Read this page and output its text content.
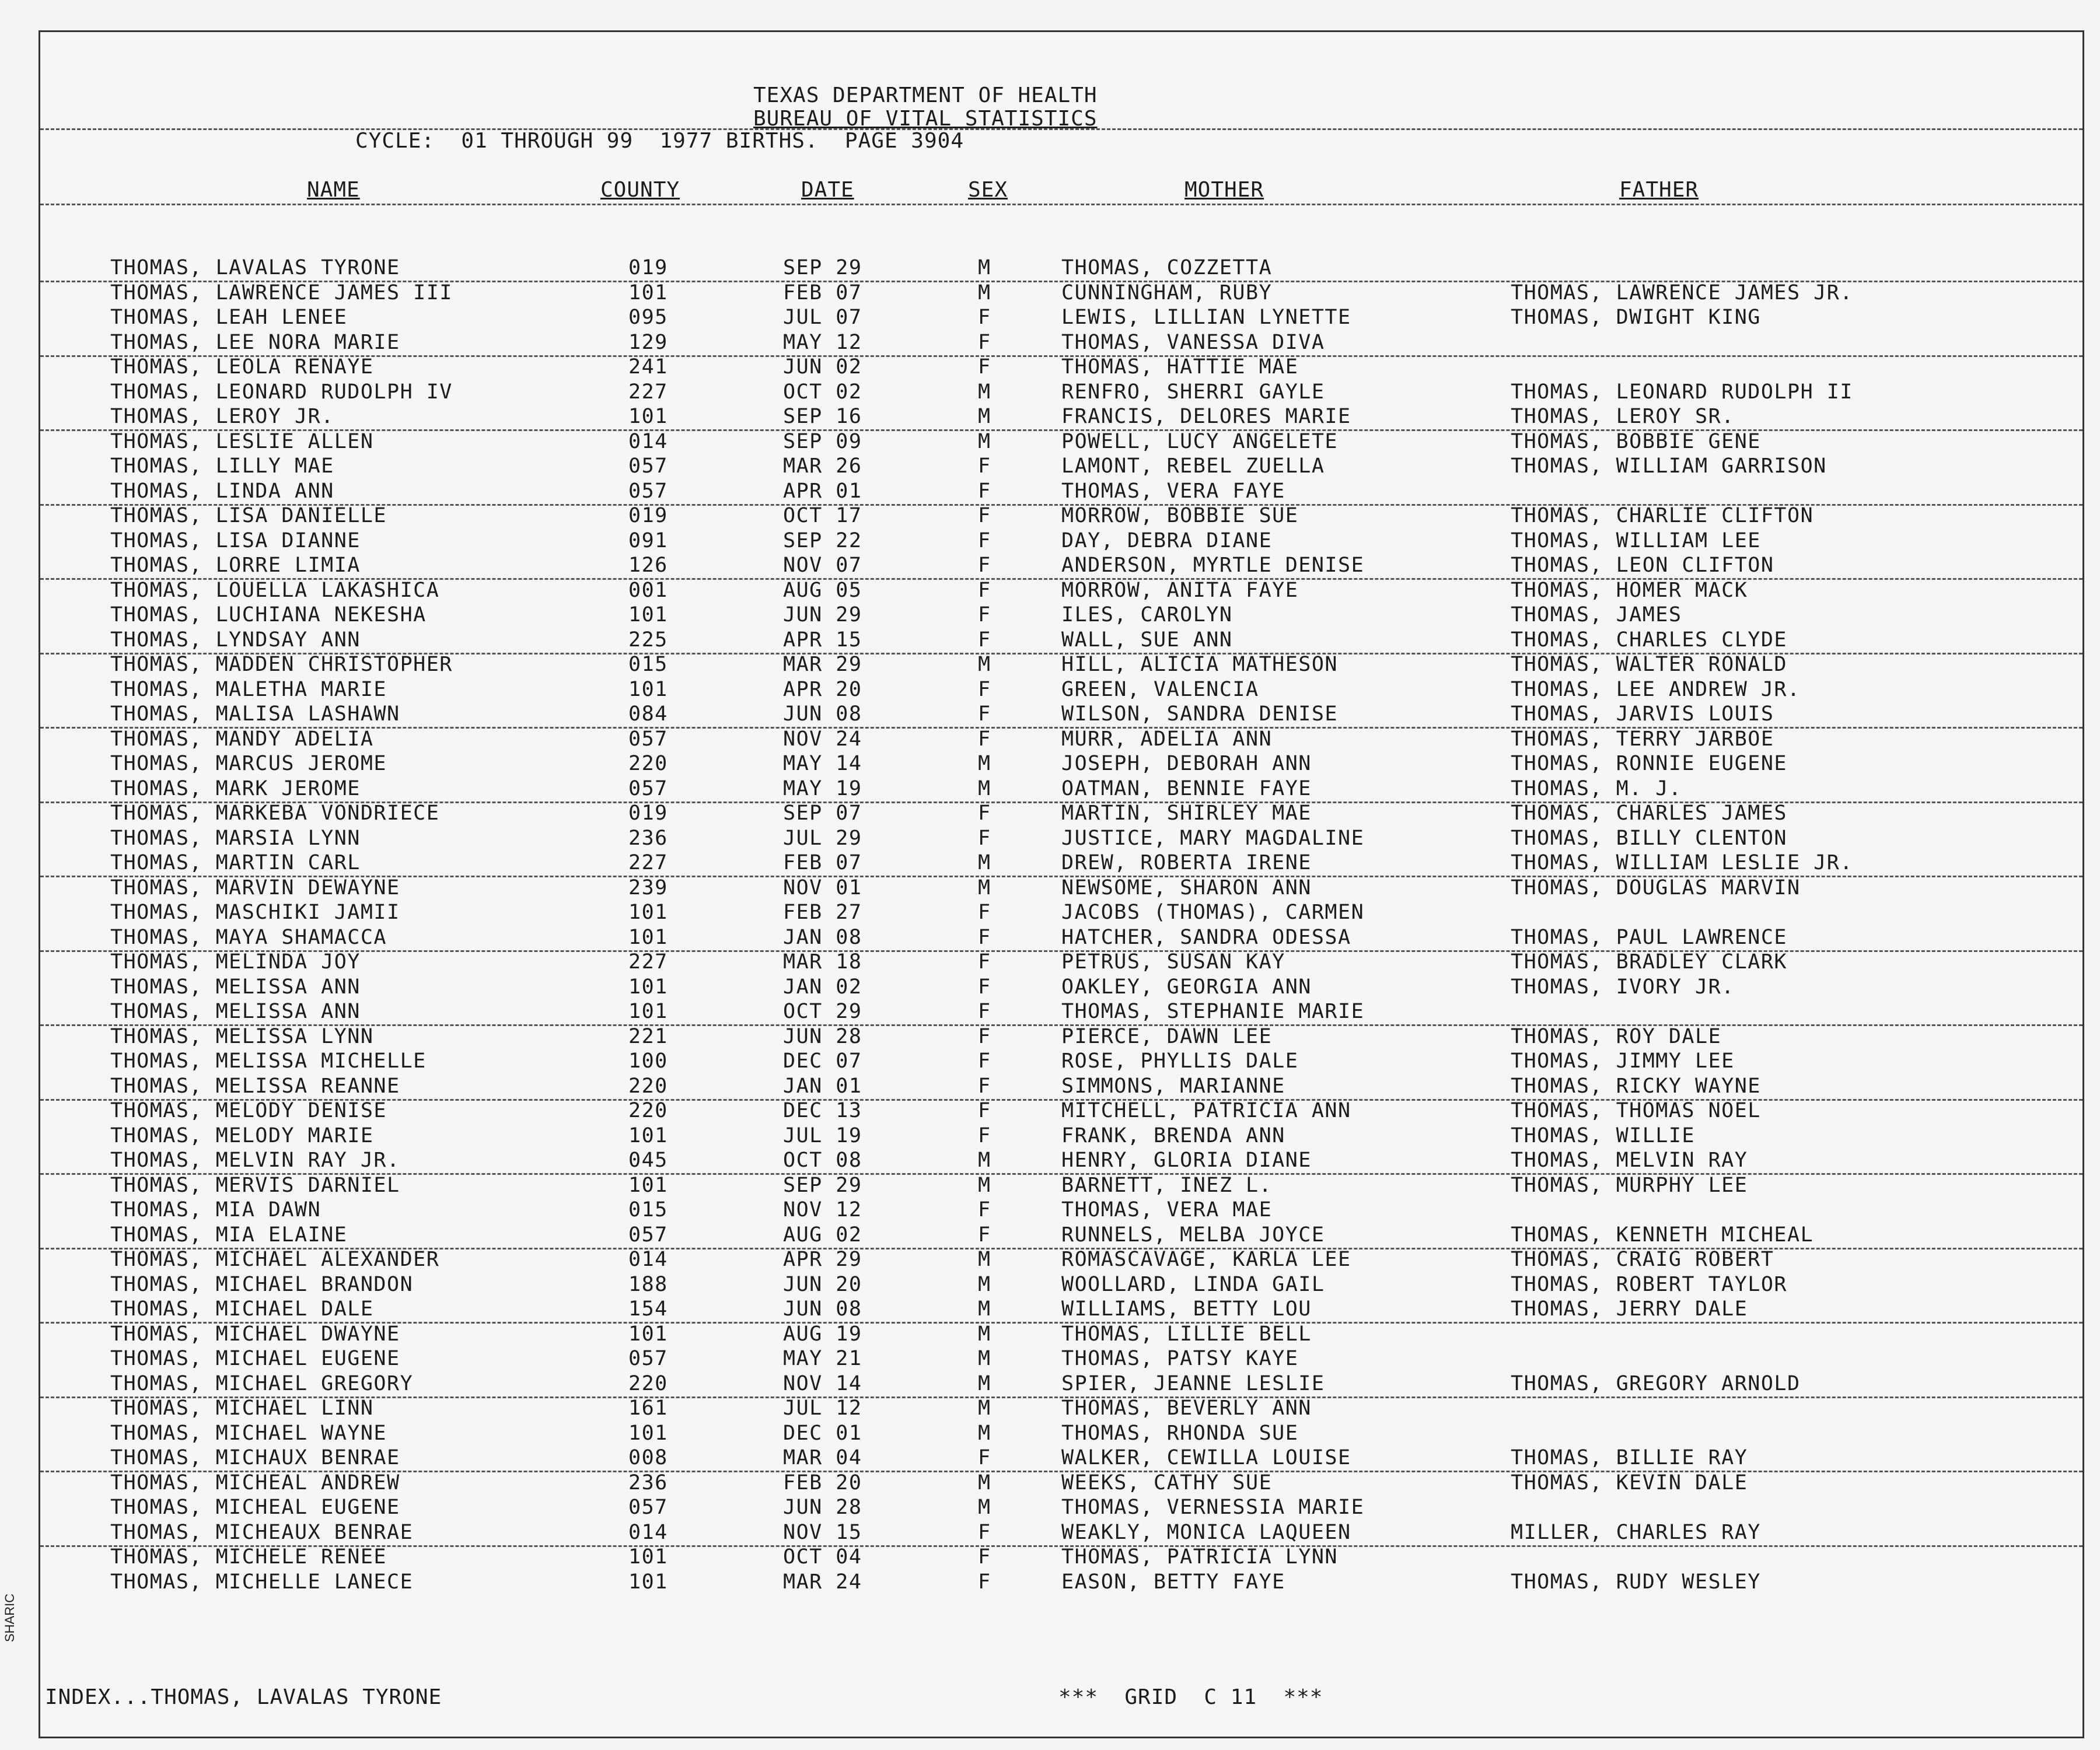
TEXAS DEPARTMENT OF HEALTH
BUREAU OF VITAL STATISTICS
CYCLE:  01 THROUGH 99  1977 BIRTHS.  PAGE 3904
NAME	COUNTY	DATE	SEX	MOTHER	FATHER
THOMAS, LAVALAS TYRONE	019	SEP 29	M	THOMAS, COZZETTA
THOMAS, LAWRENCE JAMES III	101	FEB 07	M	CUNNINGHAM, RUBY	THOMAS, LAWRENCE JAMES JR.
THOMAS, LEAH LENEE	095	JUL 07	F	LEWIS, LILLIAN LYNETTE	THOMAS, DWIGHT KING
THOMAS, LEE NORA MARIE	129	MAY 12	F	THOMAS, VANESSA DIVA
THOMAS, LEOLA RENAYE	241	JUN 02	F	THOMAS, HATTIE MAE
THOMAS, LEONARD RUDOLPH IV	227	OCT 02	M	RENFRO, SHERRI GAYLE	THOMAS, LEONARD RUDOLPH II
THOMAS, LEROY JR.	101	SEP 16	M	FRANCIS, DELORES MARIE	THOMAS, LEROY SR.
THOMAS, LESLIE ALLEN	014	SEP 09	M	POWELL, LUCY ANGELETE	THOMAS, BOBBIE GENE
THOMAS, LILLY MAE	057	MAR 26	F	LAMONT, REBEL ZUELLA	THOMAS, WILLIAM GARRISON
THOMAS, LINDA ANN	057	APR 01	F	THOMAS, VERA FAYE
THOMAS, LISA DANIELLE	019	OCT 17	F	MORROW, BOBBIE SUE	THOMAS, CHARLIE CLIFTON
THOMAS, LISA DIANNE	091	SEP 22	F	DAY, DEBRA DIANE	THOMAS, WILLIAM LEE
THOMAS, LORRE LIMIA	126	NOV 07	F	ANDERSON, MYRTLE DENISE	THOMAS, LEON CLIFTON
THOMAS, LOUELLA LAKASHICA	001	AUG 05	F	MORROW, ANITA FAYE	THOMAS, HOMER MACK
THOMAS, LUCHIANA NEKESHA	101	JUN 29	F	ILES, CAROLYN	THOMAS, JAMES
THOMAS, LYNDSAY ANN	225	APR 15	F	WALL, SUE ANN	THOMAS, CHARLES CLYDE
THOMAS, MADDEN CHRISTOPHER	015	MAR 29	M	HILL, ALICIA MATHESON	THOMAS, WALTER RONALD
THOMAS, MALETHA MARIE	101	APR 20	F	GREEN, VALENCIA	THOMAS, LEE ANDREW JR.
THOMAS, MALISA LASHAWN	084	JUN 08	F	WILSON, SANDRA DENISE	THOMAS, JARVIS LOUIS
THOMAS, MANDY ADELIA	057	NOV 24	F	MURR, ADELIA ANN	THOMAS, TERRY JARBOE
THOMAS, MARCUS JEROME	220	MAY 14	M	JOSEPH, DEBORAH ANN	THOMAS, RONNIE EUGENE
THOMAS, MARK JEROME	057	MAY 19	M	OATMAN, BENNIE FAYE	THOMAS, M. J.
THOMAS, MARKEBA VONDRIECE	019	SEP 07	F	MARTIN, SHIRLEY MAE	THOMAS, CHARLES JAMES
THOMAS, MARSIA LYNN	236	JUL 29	F	JUSTICE, MARY MAGDALINE	THOMAS, BILLY CLENTON
THOMAS, MARTIN CARL	227	FEB 07	M	DREW, ROBERTA IRENE	THOMAS, WILLIAM LESLIE JR.
THOMAS, MARVIN DEWAYNE	239	NOV 01	M	NEWSOME, SHARON ANN	THOMAS, DOUGLAS MARVIN
THOMAS, MASCHIKI JAMII	101	FEB 27	F	JACOBS (THOMAS), CARMEN
THOMAS, MAYA SHAMACCA	101	JAN 08	F	HATCHER, SANDRA ODESSA	THOMAS, PAUL LAWRENCE
THOMAS, MELINDA JOY	227	MAR 18	F	PETRUS, SUSAN KAY	THOMAS, BRADLEY CLARK
THOMAS, MELISSA ANN	101	JAN 02	F	OAKLEY, GEORGIA ANN	THOMAS, IVORY JR.
THOMAS, MELISSA ANN	101	OCT 29	F	THOMAS, STEPHANIE MARIE
THOMAS, MELISSA LYNN	221	JUN 28	F	PIERCE, DAWN LEE	THOMAS, ROY DALE
THOMAS, MELISSA MICHELLE	100	DEC 07	F	ROSE, PHYLLIS DALE	THOMAS, JIMMY LEE
THOMAS, MELISSA REANNE	220	JAN 01	F	SIMMONS, MARIANNE	THOMAS, RICKY WAYNE
THOMAS, MELODY DENISE	220	DEC 13	F	MITCHELL, PATRICIA ANN	THOMAS, THOMAS NOEL
THOMAS, MELODY MARIE	101	JUL 19	F	FRANK, BRENDA ANN	THOMAS, WILLIE
THOMAS, MELVIN RAY JR.	045	OCT 08	M	HENRY, GLORIA DIANE	THOMAS, MELVIN RAY
THOMAS, MERVIS DARNIEL	101	SEP 29	M	BARNETT, INEZ L.	THOMAS, MURPHY LEE
THOMAS, MIA DAWN	015	NOV 12	F	THOMAS, VERA MAE
THOMAS, MIA ELAINE	057	AUG 02	F	RUNNELS, MELBA JOYCE	THOMAS, KENNETH MICHEAL
THOMAS, MICHAEL ALEXANDER	014	APR 29	M	ROMASCAVAGE, KARLA LEE	THOMAS, CRAIG ROBERT
THOMAS, MICHAEL BRANDON	188	JUN 20	M	WOOLLARD, LINDA GAIL	THOMAS, ROBERT TAYLOR
THOMAS, MICHAEL DALE	154	JUN 08	M	WILLIAMS, BETTY LOU	THOMAS, JERRY DALE
THOMAS, MICHAEL DWAYNE	101	AUG 19	M	THOMAS, LILLIE BELL
THOMAS, MICHAEL EUGENE	057	MAY 21	M	THOMAS, PATSY KAYE
THOMAS, MICHAEL GREGORY	220	NOV 14	M	SPIER, JEANNE LESLIE	THOMAS, GREGORY ARNOLD
THOMAS, MICHAEL LINN	161	JUL 12	M	THOMAS, BEVERLY ANN
THOMAS, MICHAEL WAYNE	101	DEC 01	M	THOMAS, RHONDA SUE
THOMAS, MICHAUX BENRAE	008	MAR 04	F	WALKER, CEWILLA LOUISE	THOMAS, BILLIE RAY
THOMAS, MICHEAL ANDREW	236	FEB 20	M	WEEKS, CATHY SUE	THOMAS, KEVIN DALE
THOMAS, MICHEAL EUGENE	057	JUN 28	M	THOMAS, VERNESSIA MARIE
THOMAS, MICHEAUX BENRAE	014	NOV 15	F	WEAKLY, MONICA LAQUEEN	MILLER, CHARLES RAY
THOMAS, MICHELE RENEE	101	OCT 04	F	THOMAS, PATRICIA LYNN
THOMAS, MICHELLE LANECE	101	MAR 24	F	EASON, BETTY FAYE	THOMAS, RUDY WESLEY
INDEX...THOMAS, LAVALAS TYRONE	***  GRID  C 11  ***
SHARIC
